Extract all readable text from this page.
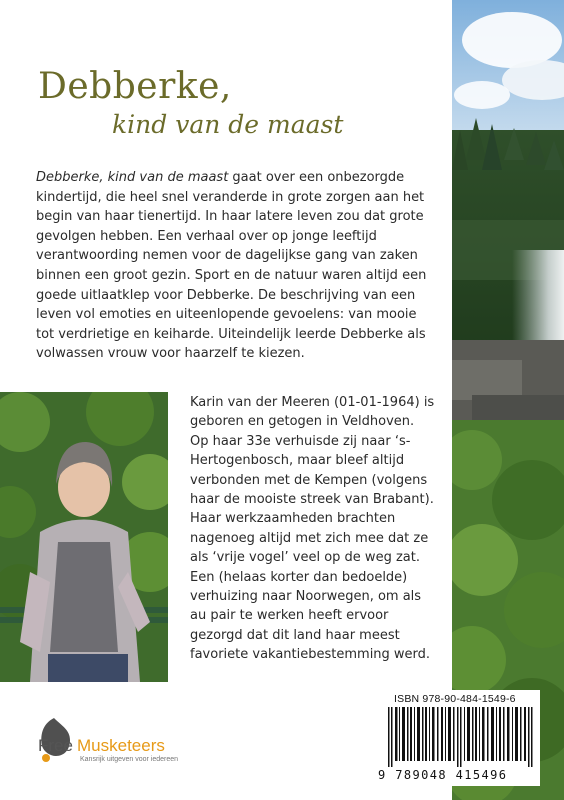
Debberke,
kind van de maast
Debberke, kind van de maast gaat over een onbezorgde kindertijd, die heel snel veranderde in grote zorgen aan het begin van haar tienertijd. In haar latere leven zou dat grote gevolgen hebben. Een verhaal over op jonge leeftijd verantwoording nemen voor de dagelijkse gang van zaken binnen een groot gezin. Sport en de natuur waren altijd een goede uitlaatklep voor Debberke. De beschrijving van een leven vol emoties en uiteenlopende gevoelens: van mooie tot verdrietige en keiharde. Uiteindelijk leerde Debberke als volwassen vrouw voor haarzelf te kiezen.
Karin van der Meeren (01-01-1964) is geboren en getogen in Veldhoven. Op haar 33e verhuisde zij naar ‘s-Hertogenbosch, maar bleef altijd verbonden met de Kempen (volgens haar de mooiste streek van Brabant). Haar werkzaamheden brachten nagenoeg altijd met zich mee dat ze als ‘vrije vogel’ veel op de weg zat. Een (helaas korter dan bedoelde) verhuizing naar Noorwegen, om als au pair te werken heeft ervoor gezorgd dat dit land haar meest favoriete vakantiebestemming werd.
Free Musketeers
Kansrijk uitgeven voor iedereen
ISBN 978-90-484-1549-6
9 789048 415496
